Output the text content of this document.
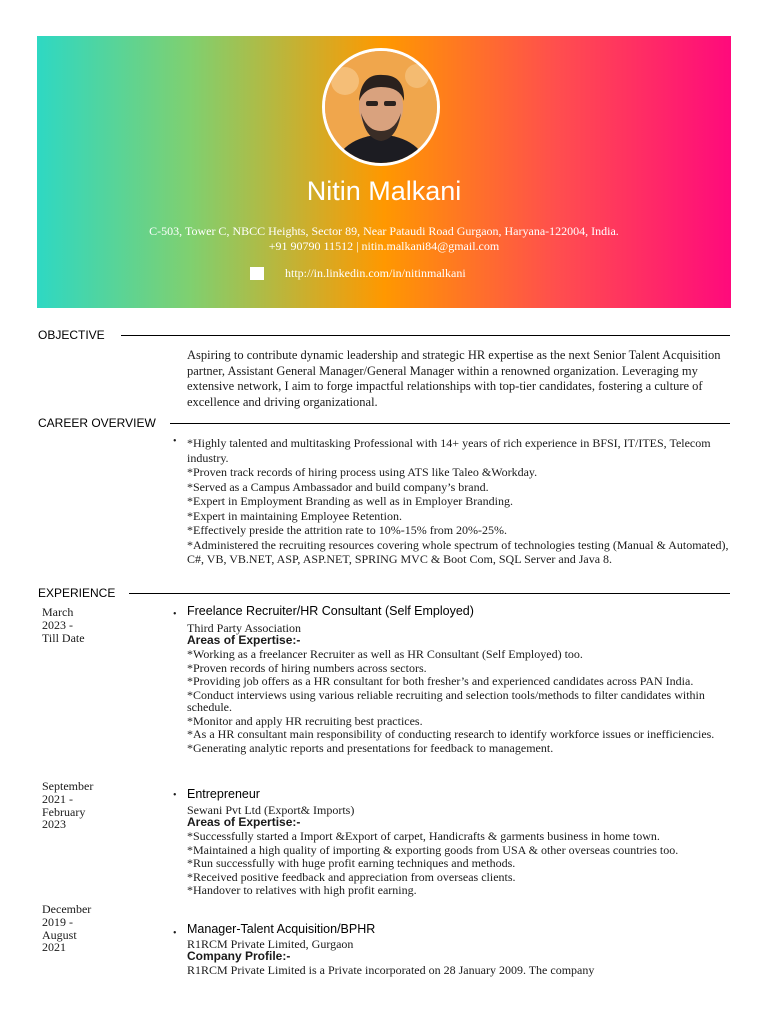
Nitin Malkani
C-503, Tower C, NBCC Heights, Sector 89, Near Pataudi Road Gurgaon, Haryana-122004, India.
+91 90790 11512 | nitin.malkani84@gmail.com
http://in.linkedin.com/in/nitinmalkani
OBJECTIVE

Aspiring to contribute dynamic leadership and strategic HR expertise as the next Senior Talent Acquisition partner, Assistant General Manager/General Manager within a renowned organization. Leveraging my extensive network, I aim to forge impactful relationships with top-tier candidates, fostering a culture of excellence and driving organizational.

CAREER OVERVIEW
• *Highly talented and multitasking Professional with 14+ years of rich experience in BFSI, IT/ITES, Telecom industry.
*Proven track records of hiring process using ATS like Taleo &Workday.
*Served as a Campus Ambassador and build company’s brand.
*Expert in Employment Branding as well as in Employer Branding.
*Expert in maintaining Employee Retention.
*Effectively preside the attrition rate to 10%-15% from 20%-25%.
*Administered the recruiting resources covering whole spectrum of technologies testing (Manual & Automated), C#, VB, VB.NET, ASP, ASP.NET, SPRING MVC & Boot Com, SQL Server and Java 8.
EXPERIENCE
March
2023 -
Till Date
• Freelance Recruiter/HR Consultant (Self Employed)
Third Party Association
Areas of Expertise:-
*Working as a freelancer Recruiter as well as HR Consultant (Self Employed) too.
*Proven records of hiring numbers across sectors.
*Providing job offers as a HR consultant for both fresher’s and experienced candidates across PAN India.
*Conduct interviews using various reliable recruiting and selection tools/methods to filter candidates within schedule.
*Monitor and apply HR recruiting best practices.
*As a HR consultant main responsibility of conducting research to identify workforce issues or inefficiencies.
*Generating analytic reports and presentations for feedback to management.
September
2021 -
February
2023
• Entrepreneur
Sewani Pvt Ltd (Export& Imports)
Areas of Expertise:-
*Successfully started a Import &Export of carpet, Handicrafts & garments business in home town.
*Maintained a high quality of importing & exporting goods from USA & other overseas countries too.
*Run successfully with huge profit earning techniques and methods.
*Received positive feedback and appreciation from overseas clients.
*Handover to relatives with high profit earning.
December
2019 -
August
2021
• Manager-Talent Acquisition/BPHR
R1RCM Private Limited, Gurgaon
Company Profile:-
R1RCM Private Limited is a Private incorporated on 28 January 2009. The company
